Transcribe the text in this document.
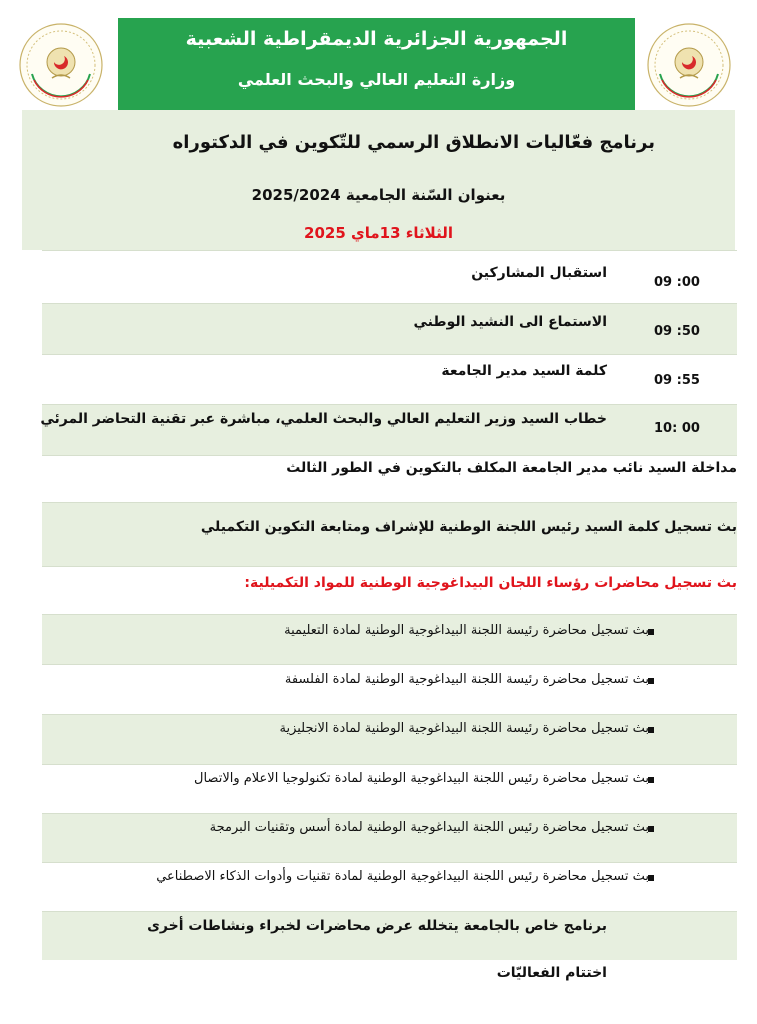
الجمهورية الجزائرية الديمقراطية الشعبية
وزارة التعليم العالي والبحث العلمي
برنامج فعّاليات الانطلاق الرسمي للتّكوين في الدكتوراه
بعنوان السّنة الجامعية 2025/2024
الثلاثاء 13ماي 2025
09 :00
استقبال المشاركين
09 :50
الاستماع الى النشيد الوطني
09 :55
كلمة السيد مدير الجامعة
10: 00
خطاب السيد وزير التعليم العالي والبحث العلمي، مباشرة عبر تقنية التحاضر المرئي
مداخلة السيد نائب مدير الجامعة المكلف بالتكوين في الطور الثالث
بث تسجيل كلمة السيد رئيس اللجنة الوطنية للإشراف ومتابعة التكوين التكميلي
بث تسجيل محاضرات رؤساء اللجان البيداغوجية الوطنية للمواد التكميلية:
بث تسجيل محاضرة رئيسة اللجنة البيداغوجية الوطنية لمادة التعليمية
بث تسجيل محاضرة رئيسة اللجنة البيداغوجية الوطنية لمادة الفلسفة
بث تسجيل محاضرة رئيسة اللجنة البيداغوجية الوطنية لمادة الانجليزية
بث تسجيل محاضرة رئيس اللجنة البيداغوجية الوطنية لمادة تكنولوجيا الاعلام والاتصال
بث تسجيل محاضرة رئيس اللجنة البيداغوجية الوطنية لمادة أسس وتقنيات البرمجة
بث تسجيل محاضرة رئيس اللجنة البيداغوجية الوطنية لمادة تقنيات وأدوات الذكاء الاصطناعي
برنامج خاص بالجامعة يتخلله عرض محاضرات لخبراء ونشاطات أخرى
اختتام الفعاليّات
